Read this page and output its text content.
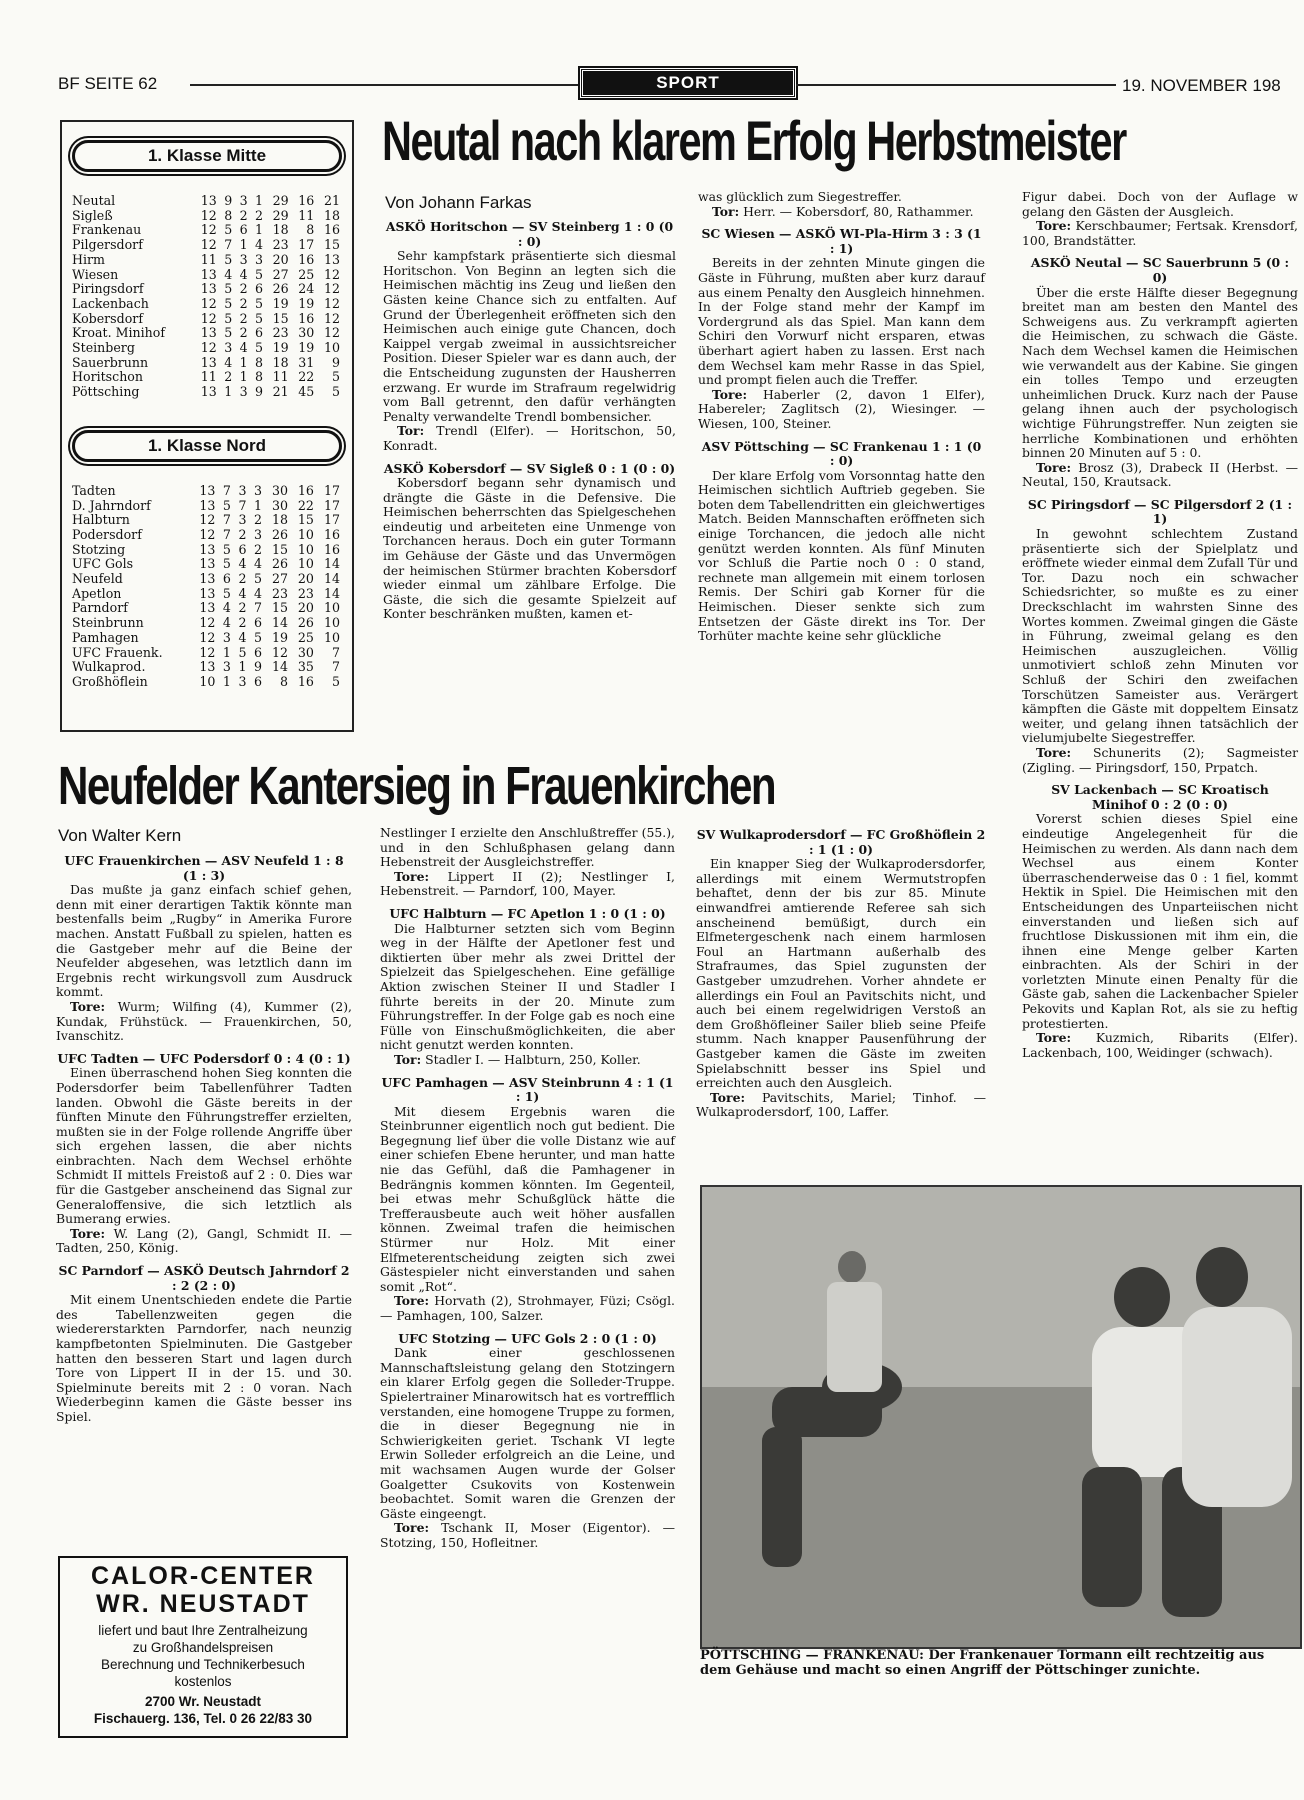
BF SEITE 62	SPORT	19. NOVEMBER 198
1. Klasse Mitte
Neutal	13	9	3	1	29	16	21
Sigleß	12	8	2	2	29	11	18
Frankenau	12	5	6	1	18	8	16
Pilgersdorf	12	7	1	4	23	17	15
Hirm	11	5	3	3	20	16	13
Wiesen	13	4	4	5	27	25	12
Piringsdorf	13	5	2	6	26	24	12
Lackenbach	12	5	2	5	19	19	12
Kobersdorf	12	5	2	5	15	16	12
Kroat. Minihof	13	5	2	6	23	30	12
Steinberg	12	3	4	5	19	19	10
Sauerbrunn	13	4	1	8	18	31	9
Horitschon	11	2	1	8	11	22	5
Pöttsching	13	1	3	9	21	45	5
1. Klasse Nord
Tadten	13	7	3	3	30	16	17
D. Jahrndorf	13	5	7	1	30	22	17
Halbturn	12	7	3	2	18	15	17
Podersdorf	12	7	2	3	26	10	16
Stotzing	13	5	6	2	15	10	16
UFC Gols	13	5	4	4	26	10	14
Neufeld	13	6	2	5	27	20	14
Apetlon	13	5	4	4	23	23	14
Parndorf	13	4	2	7	15	20	10
Steinbrunn	12	4	2	6	14	26	10
Pamhagen	12	3	4	5	19	25	10
UFC Frauenk.	12	1	5	6	12	30	7
Wulkaprod.	13	3	1	9	14	35	7
Großhöflein	10	1	3	6	8	16	5
Neutal nach klarem Erfolg Herbstmeister
Von Johann Farkas

ASKÖ Horitschon — SV Steinberg 1 : 0 (0 : 0)

Sehr kampfstark präsentierte sich diesmal Horitschon. Von Beginn an legten sich die Heimischen mächtig ins Zeug und ließen den Gästen keine Chance sich zu entfalten. Auf Grund der Überlegenheit eröffneten sich den Heimischen auch einige gute Chancen, doch Kaippel vergab zweimal in aussichtsreicher Position. Dieser Spieler war es dann auch, der die Entscheidung zugunsten der Hausherren erzwang. Er wurde im Strafraum regelwidrig vom Ball getrennt, den dafür verhängten Penalty verwandelte Trendl bombensicher.

Tor: Trendl (Elfer). — Horitschon, 50, Konradt.

ASKÖ Kobersdorf — SV Sigleß 0 : 1 (0 : 0)

Kobersdorf begann sehr dynamisch und drängte die Gäste in die Defensive. Die Heimischen beherrschten das Spielgeschehen eindeutig und arbeiteten eine Unmenge von Torchancen heraus. Doch ein guter Tormann im Gehäuse der Gäste und das Unvermögen der heimischen Stürmer brachten Kobersdorf wieder einmal um zählbare Erfolge. Die Gäste, die sich die gesamte Spielzeit auf Konter beschränken mußten, kamen et-

was glücklich zum Siegestreffer.

Tor: Herr. — Kobersdorf, 80, Rathammer.

SC Wiesen — ASKÖ WI-Pla-Hirm 3 : 3 (1 : 1)

Bereits in der zehnten Minute gingen die Gäste in Führung, mußten aber kurz darauf aus einem Penalty den Ausgleich hinnehmen. In der Folge stand mehr der Kampf im Vordergrund als das Spiel. Man kann dem Schiri den Vorwurf nicht ersparen, etwas überhart agiert haben zu lassen. Erst nach dem Wechsel kam mehr Rasse in das Spiel, und prompt fielen auch die Treffer.

Tore: Haberler (2, davon 1 Elfer), Habereler; Zaglitsch (2), Wiesinger. — Wiesen, 100, Steiner.

ASV Pöttsching — SC Frankenau 1 : 1 (0 : 0)

Der klare Erfolg vom Vorsonntag hatte den Heimischen sichtlich Auftrieb gegeben. Sie boten dem Tabellendritten ein gleichwertiges Match. Beiden Mannschaften eröffneten sich einige Torchancen, die jedoch alle nicht genützt werden konnten. Als fünf Minuten vor Schluß die Partie noch 0 : 0 stand, rechnete man allgemein mit einem torlosen Remis. Der Schiri gab Korner für die Heimischen. Dieser senkte sich zum Entsetzen der Gäste direkt ins Tor. Der Torhüter machte keine sehr glückliche

Figur dabei. Doch von der Auflage w gelang den Gästen der Ausgleich.

Tore: Kerschbaumer; Fertsak. Krensdorf, 100, Brandstätter.

ASKÖ Neutal — SC Sauerbrunn 5 (0 : 0)

Über die erste Hälfte dieser Begegnung breitet man am besten den Mantel des Schweigens aus. Zu verkrampft agierten die Heimischen, zu schwach die Gäste. Nach dem Wechsel kamen die Heimischen wie verwandelt aus der Kabine. Sie gingen ein tolles Tempo und erzeugten unheimlichen Druck. Kurz nach der Pause gelang ihnen auch der psychologisch wichtige Führungstreffer. Nun zeigten sie herrliche Kombinationen und erhöhten binnen 20 Minuten auf 5 : 0.

Tore: Brosz (3), Drabeck II (Herbst. — Neutal, 150, Krautsack.

SC Piringsdorf — SC Pilgersdorf 2 (1 : 1)

In gewohnt schlechtem Zustand präsentierte sich der Spielplatz und eröffnete wieder einmal dem Zufall Tür und Tor. Dazu noch ein schwacher Schiedsrichter, so mußte es zu einer Dreckschlacht im wahrsten Sinne des Wortes kommen. Zweimal gingen die Gäste in Führung, zweimal gelang es den Heimischen auszugleichen. Völlig unmotiviert schloß zehn Minuten vor Schluß der Schiri den zweifachen Torschützen Sameister aus. Verärgert kämpften die Gäste mit doppeltem Einsatz weiter, und gelang ihnen tatsächlich der vielumjubelte Siegestreffer.

Tore: Schunerits (2); Sagmeister (Zigling. — Piringsdorf, 150, Prpatch.

SV Lackenbach — SC Kroatisch Minihof 0 : 2 (0 : 0)

Vorerst schien dieses Spiel eine eindeutige Angelegenheit für die Heimischen zu werden. Als dann nach dem Wechsel aus einem Konter überraschenderweise das 0 : 1 fiel, kommt Hektik in Spiel. Die Heimischen mit den Entscheidungen des Unparteiischen nicht einverstanden und ließen sich auf fruchtlose Diskussionen mit ihm ein, die ihnen eine Menge gelber Karten einbrachten. Als der Schiri in der vorletzten Minute einen Penalty für die Gäste gab, sahen die Lackenbacher Spieler Pekovits und Kaplan Rot, als sie zu heftig protestierten.

Tore: Kuzmich, Ribarits (Elfer). Lackenbach, 100, Weidinger (schwach).

Neufelder Kantersieg in Frauenkirchen
Von Walter Kern

UFC Frauenkirchen — ASV Neufeld 1 : 8 (1 : 3)

Das mußte ja ganz einfach schief gehen, denn mit einer derartigen Taktik könnte man bestenfalls beim „Rugby“ in Amerika Furore machen. Anstatt Fußball zu spielen, hatten es die Gastgeber mehr auf die Beine der Neufelder abgesehen, was letztlich dann im Ergebnis recht wirkungsvoll zum Ausdruck kommt.

Tore: Wurm; Wilfing (4), Kummer (2), Kundak, Frühstück. — Frauenkirchen, 50, Ivanschitz.

UFC Tadten — UFC Podersdorf 0 : 4 (0 : 1)

Einen überraschend hohen Sieg konnten die Podersdorfer beim Tabellenführer Tadten landen. Obwohl die Gäste bereits in der fünften Minute den Führungstreffer erzielten, mußten sie in der Folge rollende Angriffe über sich ergehen lassen, die aber nichts einbrachten. Nach dem Wechsel erhöhte Schmidt II mittels Freistoß auf 2 : 0. Dies war für die Gastgeber anscheinend das Signal zur Generaloffensive, die sich letztlich als Bumerang erwies.

Tore: W. Lang (2), Gangl, Schmidt II. — Tadten, 250, König.

SC Parndorf — ASKÖ Deutsch Jahrndorf 2 : 2 (2 : 0)

Mit einem Unentschieden endete die Partie des Tabellenzweiten gegen die wiedererstarkten Parndorfer, nach neunzig kampfbetonten Spielminuten. Die Gastgeber hatten den besseren Start und lagen durch Tore von Lippert II in der 15. und 30. Spielminute bereits mit 2 : 0 voran. Nach Wiederbeginn kamen die Gäste besser ins Spiel.

Nestlinger I erzielte den Anschlußtreffer (55.), und in den Schlußphasen gelang dann Hebenstreit der Ausgleichstreffer.

Tore: Lippert II (2); Nestlinger I, Hebenstreit. — Parndorf, 100, Mayer.

UFC Halbturn — FC Apetlon 1 : 0 (1 : 0)

Die Halbturner setzten sich vom Beginn weg in der Hälfte der Apetloner fest und diktierten über mehr als zwei Drittel der Spielzeit das Spielgeschehen. Eine gefällige Aktion zwischen Steiner II und Stadler I führte bereits in der 20. Minute zum Führungstreffer. In der Folge gab es noch eine Fülle von Einschußmöglichkeiten, die aber nicht genutzt werden konnten.

Tor: Stadler I. — Halbturn, 250, Koller.

UFC Pamhagen — ASV Steinbrunn 4 : 1 (1 : 1)

Mit diesem Ergebnis waren die Steinbrunner eigentlich noch gut bedient. Die Begegnung lief über die volle Distanz wie auf einer schiefen Ebene herunter, und man hatte nie das Gefühl, daß die Pamhagener in Bedrängnis kommen könnten. Im Gegenteil, bei etwas mehr Schußglück hätte die Trefferausbeute auch weit höher ausfallen können. Zweimal trafen die heimischen Stürmer nur Holz. Mit einer Elfmeterentscheidung zeigten sich zwei Gästespieler nicht einverstanden und sahen somit „Rot“.

Tore: Horvath (2), Strohmayer, Füzi; Csögl. — Pamhagen, 100, Salzer.

UFC Stotzing — UFC Gols 2 : 0 (1 : 0)

Dank einer geschlossenen Mannschaftsleistung gelang den Stotzingern ein klarer Erfolg gegen die Solleder-Truppe. Spielertrainer Minarowitsch hat es vortrefflich verstanden, eine homogene Truppe zu formen, die in dieser Begegnung nie in Schwierigkeiten geriet. Tschank VI legte Erwin Solleder erfolgreich an die Leine, und mit wachsamen Augen wurde der Golser Goalgetter Csukovits von Kostenwein beobachtet. Somit waren die Grenzen der Gäste eingeengt.

Tore: Tschank II, Moser (Eigentor). — Stotzing, 150, Hofleitner.

SV Wulkaprodersdorf — FC Großhöflein 2 : 1 (1 : 0)

Ein knapper Sieg der Wulkaprodersdorfer, allerdings mit einem Wermutstropfen behaftet, denn der bis zur 85. Minute einwandfrei amtierende Referee sah sich anscheinend bemüßigt, durch ein Elfmetergeschenk nach einem harmlosen Foul an Hartmann außerhalb des Strafraumes, das Spiel zugunsten der Gastgeber umzudrehen. Vorher ahndete er allerdings ein Foul an Pavitschits nicht, und auch bei einem regelwidrigen Verstoß an dem Großhöfleiner Sailer blieb seine Pfeife stumm. Nach knapper Pausenführung der Gastgeber kamen die Gäste im zweiten Spielabschnitt besser ins Spiel und erreichten auch den Ausgleich.

Tore: Pavitschits, Mariel; Tinhof. — Wulkaprodersdorf, 100, Laffer.

PÖTTSCHING — FRANKENAU: Der Frankenauer Tormann eilt rechtzeitig aus dem Gehäuse und macht so einen Angriff der Pöttschinger zunichte.
CALOR-CENTER
WR. NEUSTADT
liefert und baut Ihre Zentralheizung
zu Großhandelspreisen
Berechnung und Technikerbesuch
kostenlos
2700 Wr. Neustadt
Fischauerg. 136, Tel. 0 26 22/83 30
